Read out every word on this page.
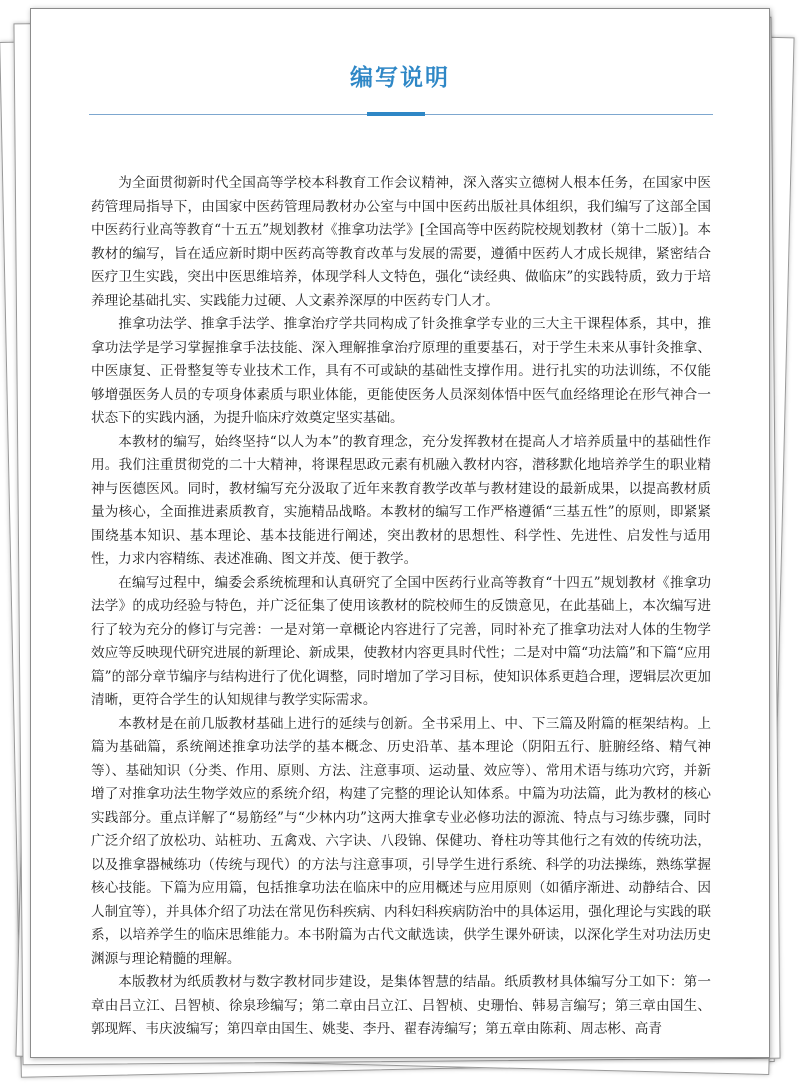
编写说明

为全面贯彻新时代全国高等学校本科教育工作会议精神，深入落实立德树人根本任务，在国家中医药管理局指导下，由国家中医药管理局教材办公室与中国中医药出版社具体组织，我们编写了这部全国中医药行业高等教育“十五五”规划教材《推拿功法学》[全国高等中医药院校规划教材（第十二版）]。本教材的编写，旨在适应新时期中医药高等教育改革与发展的需要，遵循中医药人才成长规律，紧密结合医疗卫生实践，突出中医思维培养，体现学科人文特色，强化“读经典、做临床”的实践特质，致力于培养理论基础扎实、实践能力过硬、人文素养深厚的中医药专门人才。

推拿功法学、推拿手法学、推拿治疗学共同构成了针灸推拿学专业的三大主干课程体系，其中，推拿功法学是学习掌握推拿手法技能、深入理解推拿治疗原理的重要基石，对于学生未来从事针灸推拿、中医康复、正骨整复等专业技术工作，具有不可或缺的基础性支撑作用。进行扎实的功法训练，不仅能够增强医务人员的专项身体素质与职业体能，更能使医务人员深刻体悟中医气血经络理论在形气神合一状态下的实践内涵，为提升临床疗效奠定坚实基础。

本教材的编写，始终坚持“以人为本”的教育理念，充分发挥教材在提高人才培养质量中的基础性作用。我们注重贯彻党的二十大精神，将课程思政元素有机融入教材内容，潜移默化地培养学生的职业精神与医德医风。同时，教材编写充分汲取了近年来教育教学改革与教材建设的最新成果，以提高教材质量为核心，全面推进素质教育，实施精品战略。本教材的编写工作严格遵循“三基五性”的原则，即紧紧围绕基本知识、基本理论、基本技能进行阐述，突出教材的思想性、科学性、先进性、启发性与适用性，力求内容精练、表述准确、图文并茂、便于教学。

在编写过程中，编委会系统梳理和认真研究了全国中医药行业高等教育“十四五”规划教材《推拿功法学》的成功经验与特色，并广泛征集了使用该教材的院校师生的反馈意见，在此基础上，本次编写进行了较为充分的修订与完善：一是对第一章概论内容进行了完善，同时补充了推拿功法对人体的生物学效应等反映现代研究进展的新理论、新成果，使教材内容更具时代性；二是对中篇“功法篇”和下篇“应用篇”的部分章节编序与结构进行了优化调整，同时增加了学习目标，使知识体系更趋合理，逻辑层次更加清晰，更符合学生的认知规律与教学实际需求。

本教材是在前几版教材基础上进行的延续与创新。全书采用上、中、下三篇及附篇的框架结构。上篇为基础篇，系统阐述推拿功法学的基本概念、历史沿革、基本理论（阴阳五行、脏腑经络、精气神等）、基础知识（分类、作用、原则、方法、注意事项、运动量、效应等）、常用术语与练功穴窍，并新增了对推拿功法生物学效应的系统介绍，构建了完整的理论认知体系。中篇为功法篇，此为教材的核心实践部分。重点详解了“易筋经”与“少林内功”这两大推拿专业必修功法的源流、特点与习练步骤，同时广泛介绍了放松功、站桩功、五禽戏、六字诀、八段锦、保健功、脊柱功等其他行之有效的传统功法，以及推拿器械练功（传统与现代）的方法与注意事项，引导学生进行系统、科学的功法操练，熟练掌握核心技能。下篇为应用篇，包括推拿功法在临床中的应用概述与应用原则（如循序渐进、动静结合、因人制宜等），并具体介绍了功法在常见伤科疾病、内科妇科疾病防治中的具体运用，强化理论与实践的联系，以培养学生的临床思维能力。本书附篇为古代文献选读，供学生课外研读，以深化学生对功法历史渊源与理论精髓的理解。

本版教材为纸质教材与数字教材同步建设，是集体智慧的结晶。纸质教材具体编写分工如下：第一章由吕立江、吕智桢、徐泉珍编写；第二章由吕立江、吕智桢、史珊怡、韩易言编写；第三章由国生、郭现辉、韦庆波编写；第四章由国生、姚斐、李丹、翟春涛编写；第五章由陈莉、周志彬、高青
